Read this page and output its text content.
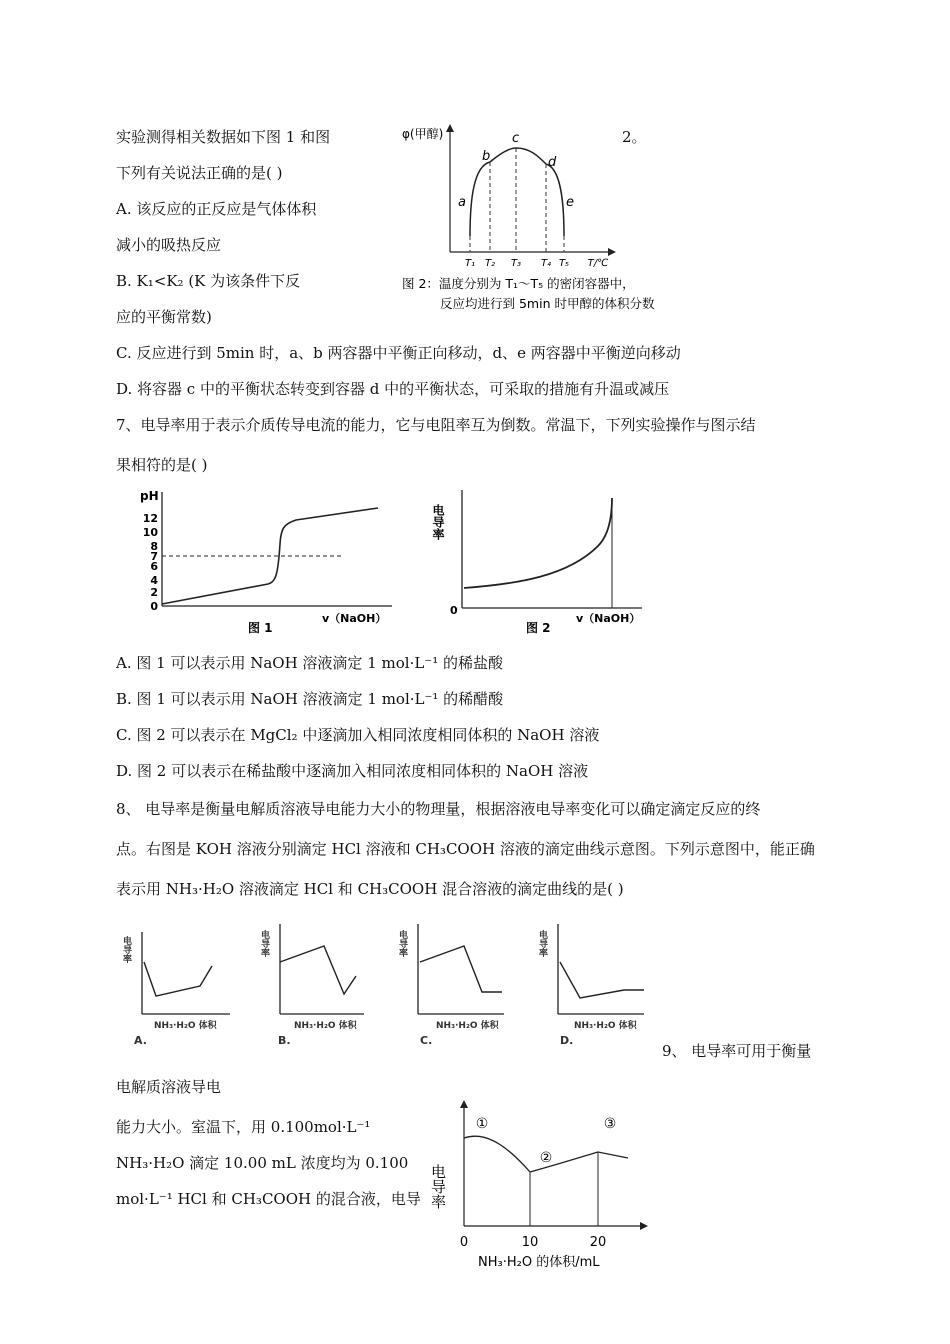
实验测得相关数据如下图 1 和图	2。
下列有关说法正确的是( )
A. 该反应的正反应是气体体积
减小的吸热反应
B. K₁<K₂ (K 为该条件下反
应的平衡常数)
C. 反应进行到 5min 时，a、b 两容器中平衡正向移动，d、e 两容器中平衡逆向移动
D. 将容器 c 中的平衡状态转变到容器 d 中的平衡状态，可采取的措施有升温或减压
φ(甲醇)
a
b
c
d
e
T₁ T₂ T₃ T₄ T₅ T/℃
图 2：温度分别为 T₁～T₅ 的密闭容器中，
反应均进行到 5min 时甲醇的体积分数
7、电导率用于表示介质传导电流的能力，它与电阻率互为倒数。常温下，下列实验操作与图示结
果相符的是( )
pH
12
10
8
7
6
4
2
0
v（NaOH）
图 1
电导率
0
v（NaOH）
图 2
A. 图 1 可以表示用 NaOH 溶液滴定 1 mol·L⁻¹ 的稀盐酸
B. 图 1 可以表示用 NaOH 溶液滴定 1 mol·L⁻¹ 的稀醋酸
C. 图 2 可以表示在 MgCl₂ 中逐滴加入相同浓度相同体积的 NaOH 溶液
D. 图 2 可以表示在稀盐酸中逐滴加入相同浓度相同体积的 NaOH 溶液
8、 电导率是衡量电解质溶液导电能力大小的物理量，根据溶液电导率变化可以确定滴定反应的终
点。右图是 KOH 溶液分别滴定 HCl 溶液和 CH₃COOH 溶液的滴定曲线示意图。下列示意图中，能正确
表示用 NH₃·H₂O 溶液滴定 HCl 和 CH₃COOH 混合溶液的滴定曲线的是( )
电导率
NH₃·H₂O 体积
A.
电导率
NH₃·H₂O 体积
B.
电导率
NH₃·H₂O 体积
C.
电导率
NH₃·H₂O 体积
D.
9、 电导率可用于衡量
电解质溶液导电
能力大小。室温下，用 0.100mol·L⁻¹
NH₃·H₂O 滴定 10.00 mL 浓度均为 0.100
mol·L⁻¹ HCl 和 CH₃COOH 的混合液，电导 电导率
①
②
③
0	10	20
NH₃·H₂O 的体积/mL
